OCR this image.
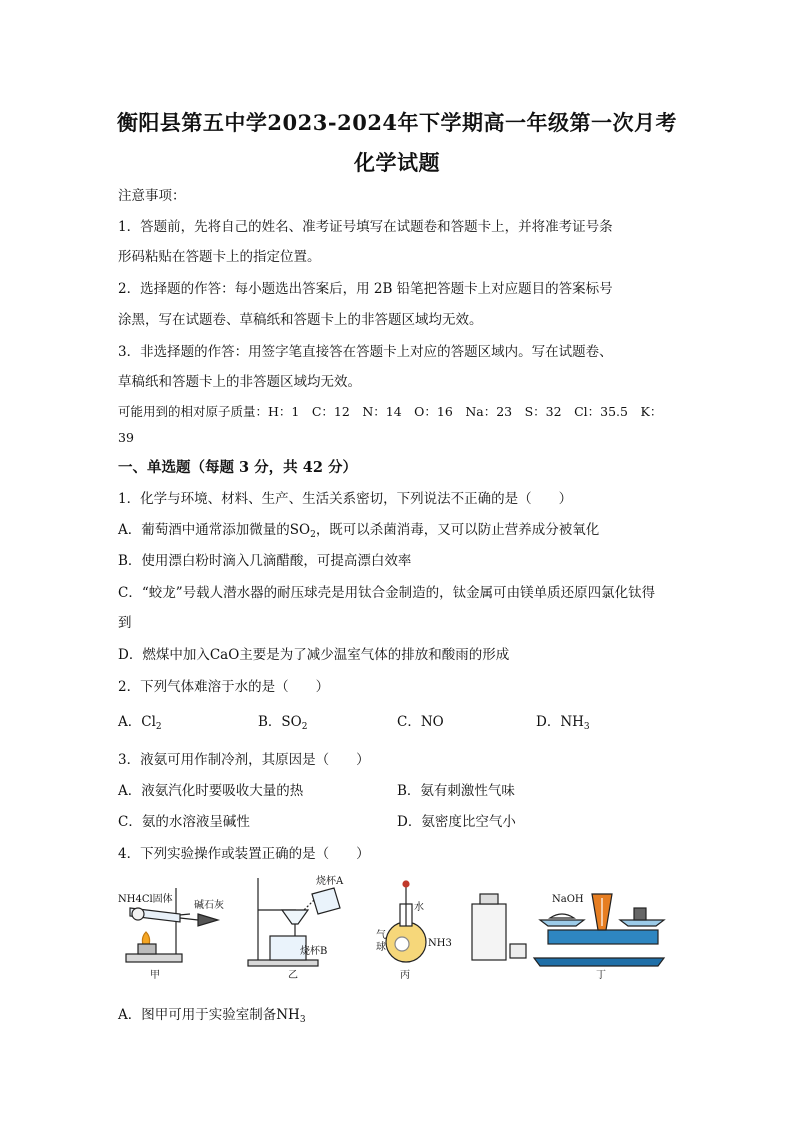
衡阳县第五中学2023-2024年下学期高一年级第一次月考
化学试题
注意事项：
1．答题前，先将自己的姓名、准考证号填写在试题卷和答题卡上，并将准考证号条
形码粘贴在答题卡上的指定位置。
2．选择题的作答：每小题选出答案后，用 2B 铅笔把答题卡上对应题目的答案标号
涂黑，写在试题卷、草稿纸和答题卡上的非答题区域均无效。
3．非选择题的作答：用签字笔直接答在答题卡上对应的答题区域内。写在试题卷、
草稿纸和答题卡上的非答题区域均无效。
可能用到的相对原子质量：H：1　C：12　N：14　O：16　Na：23　S：32　Cl：35.5　K：
39
一、单选题（每题 3 分，共 42 分）
1．化学与环境、材料、生产、生活关系密切，下列说法不正确的是（　　）
A．葡萄酒中通常添加微量的$SO_2$，既可以杀菌消毒，又可以防止营养成分被氧化
B．使用漂白粉时滴入几滴醋酸，可提高漂白效率
C．“蛟龙”号载人潜水器的耐压球壳是用钛合金制造的，钛金属可由镁单质还原四氯化钛得
到
D．燃煤中加入CaO主要是为了减少温室气体的排放和酸雨的形成
2．下列气体难溶于水的是（　　）
A．$Cl_2$	B．$SO_2$	C．NO	D．$NH_3$
3．液氨可用作制冷剂，其原因是（　　）
A．液氨汽化时要吸收大量的热	B．氨有刺激性气味
C．氨的水溶液呈碱性	D．氨密度比空气小
4．下列实验操作或装置正确的是（　　）
NH4Cl固体
碱石灰
甲
烧杯A
烧杯B
乙
水
气
球	NH3
丙
NaOH
丁
A．图甲可用于实验室制备$NH_3$
